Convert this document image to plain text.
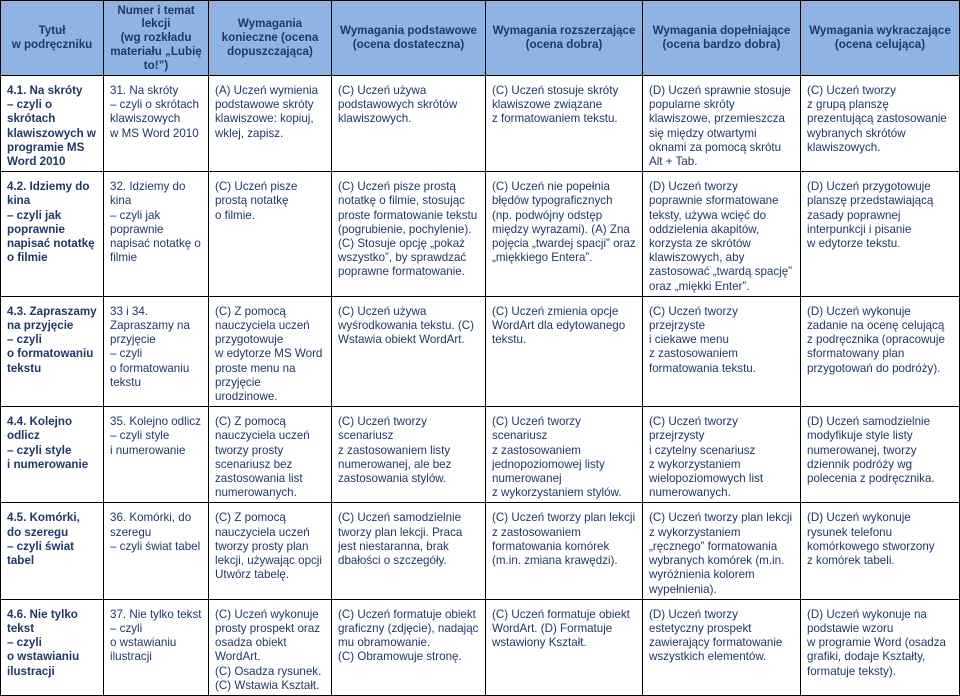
Tytuł
w podręczniku	Numer i temat lekcji
(wg rozkładu materiału „Lubię to!”)	Wymagania konieczne (ocena dopuszczająca)	Wymagania podstawowe (ocena dostateczna)	Wymagania rozszerzające (ocena dobra)	Wymagania dopełniające (ocena bardzo dobra)	Wymagania wykraczające (ocena celująca)
4.1. Na skróty
– czyli o skrótach klawiszowych w programie MS Word 2010	31. Na skróty
– czyli o skrótach klawiszowych
w MS Word 2010	(A) Uczeń wymienia podstawowe skróty klawiszowe: kopiuj, wklej, zapisz.	(C) Uczeń używa podstawowych skrótów klawiszowych.	(C) Uczeń stosuje skróty klawiszowe związane
z formatowaniem tekstu.	(D) Uczeń sprawnie stosuje popularne skróty klawiszowe, przemieszcza się między otwartymi oknami za pomocą skrótu Alt + Tab.	(C) Uczeń tworzy
z grupą planszę prezentującą zastosowanie wybranych skrótów klawiszowych.
4.2. Idziemy do kina
– czyli jak poprawnie napisać notatkę o filmie	32. Idziemy do kina
– czyli jak poprawnie napisać notatkę o filmie	(C) Uczeń pisze prostą notatkę
o filmie.	(C) Uczeń pisze prostą notatkę o filmie, stosując proste formatowanie tekstu (pogrubienie, pochylenie). (C) Stosuje opcję „pokaż wszystko”, by sprawdzać poprawne formatowanie.	(C) Uczeń nie popełnia błędów typograficznych
(np. podwójny odstęp między wyrazami). (A) Zna pojęcia „twardej spacji” oraz „miękkiego Entera”.	(D) Uczeń tworzy poprawnie sformatowane teksty, używa wcięć do oddzielenia akapitów, korzysta ze skrótów klawiszowych, aby zastosować „twardą spację” oraz „miękki Enter”.	(D) Uczeń przygotowuje planszę przedstawiającą zasady poprawnej interpunkcji i pisanie
w edytorze tekstu.
4.3. Zapraszamy na przyjęcie
– czyli
o formatowaniu tekstu	33 i 34. Zapraszamy na przyjęcie
– czyli
o formatowaniu tekstu	(C) Z pomocą nauczyciela uczeń przygotowuje
w edytorze MS Word proste menu na przyjęcie urodzinowe.	(C) Uczeń używa wyśrodkowania tekstu. (C) Wstawia obiekt WordArt.	(C) Uczeń zmienia opcje WordArt dla edytowanego tekstu.	(C) Uczeń tworzy przejrzyste
i ciekawe menu
z zastosowaniem formatowania tekstu.	(D) Uczeń wykonuje zadanie na ocenę celującą z podręcznika (opracowuje sformatowany plan przygotowań do podróży).
4.4. Kolejno odlicz
– czyli style
i numerowanie	35. Kolejno odlicz
– czyli style
i numerowanie	(C) Z pomocą nauczyciela uczeń tworzy prosty scenariusz bez zastosowania list numerowanych.	(C) Uczeń tworzy scenariusz
z zastosowaniem listy numerowanej, ale bez zastosowania stylów.	(C) Uczeń tworzy scenariusz
z zastosowaniem jednopoziomowej listy numerowanej
z wykorzystaniem stylów.	(C) Uczeń tworzy przejrzysty
i czytelny scenariusz
z wykorzystaniem wielopoziomowych list numerowanych.	(D) Uczeń samodzielnie modyfikuje style listy numerowanej, tworzy dziennik podróży wg polecenia z podręcznika.
4.5. Komórki, do szeregu
– czyli świat tabel	36. Komórki, do szeregu
– czyli świat tabel	(C) Z pomocą nauczyciela uczeń tworzy prosty plan lekcji, używając opcji Utwórz tabelę.	(C) Uczeń samodzielnie tworzy plan lekcji. Praca jest niestaranna, brak dbałości o szczegóły.	(C) Uczeń tworzy plan lekcji
z zastosowaniem formatowania komórek (m.in. zmiana krawędzi).	(C) Uczeń tworzy plan lekcji
z wykorzystaniem „ręcznego” formatowania wybranych komórek (m.in. wyróżnienia kolorem wypełnienia).	(D) Uczeń wykonuje rysunek telefonu komórkowego stworzony
z komórek tabeli.
4.6. Nie tylko tekst
– czyli
o wstawianiu ilustracji	37. Nie tylko tekst
– czyli
o wstawianiu ilustracji	(C) Uczeń wykonuje prosty prospekt oraz osadza obiekt WordArt.
(C) Osadza rysunek.
(C) Wstawia Kształt.	(C) Uczeń formatuje obiekt graficzny (zdjęcie), nadając mu obramowanie.
(C) Obramowuje stronę.	(C) Uczeń formatuje obiekt WordArt. (D) Formatuje wstawiony Kształt.	(D) Uczeń tworzy estetyczny prospekt zawierający formatowanie wszystkich elementów.	(D) Uczeń wykonuje na podstawie wzoru
w programie Word (osadza grafiki, dodaje Kształty, formatuje teksty).
